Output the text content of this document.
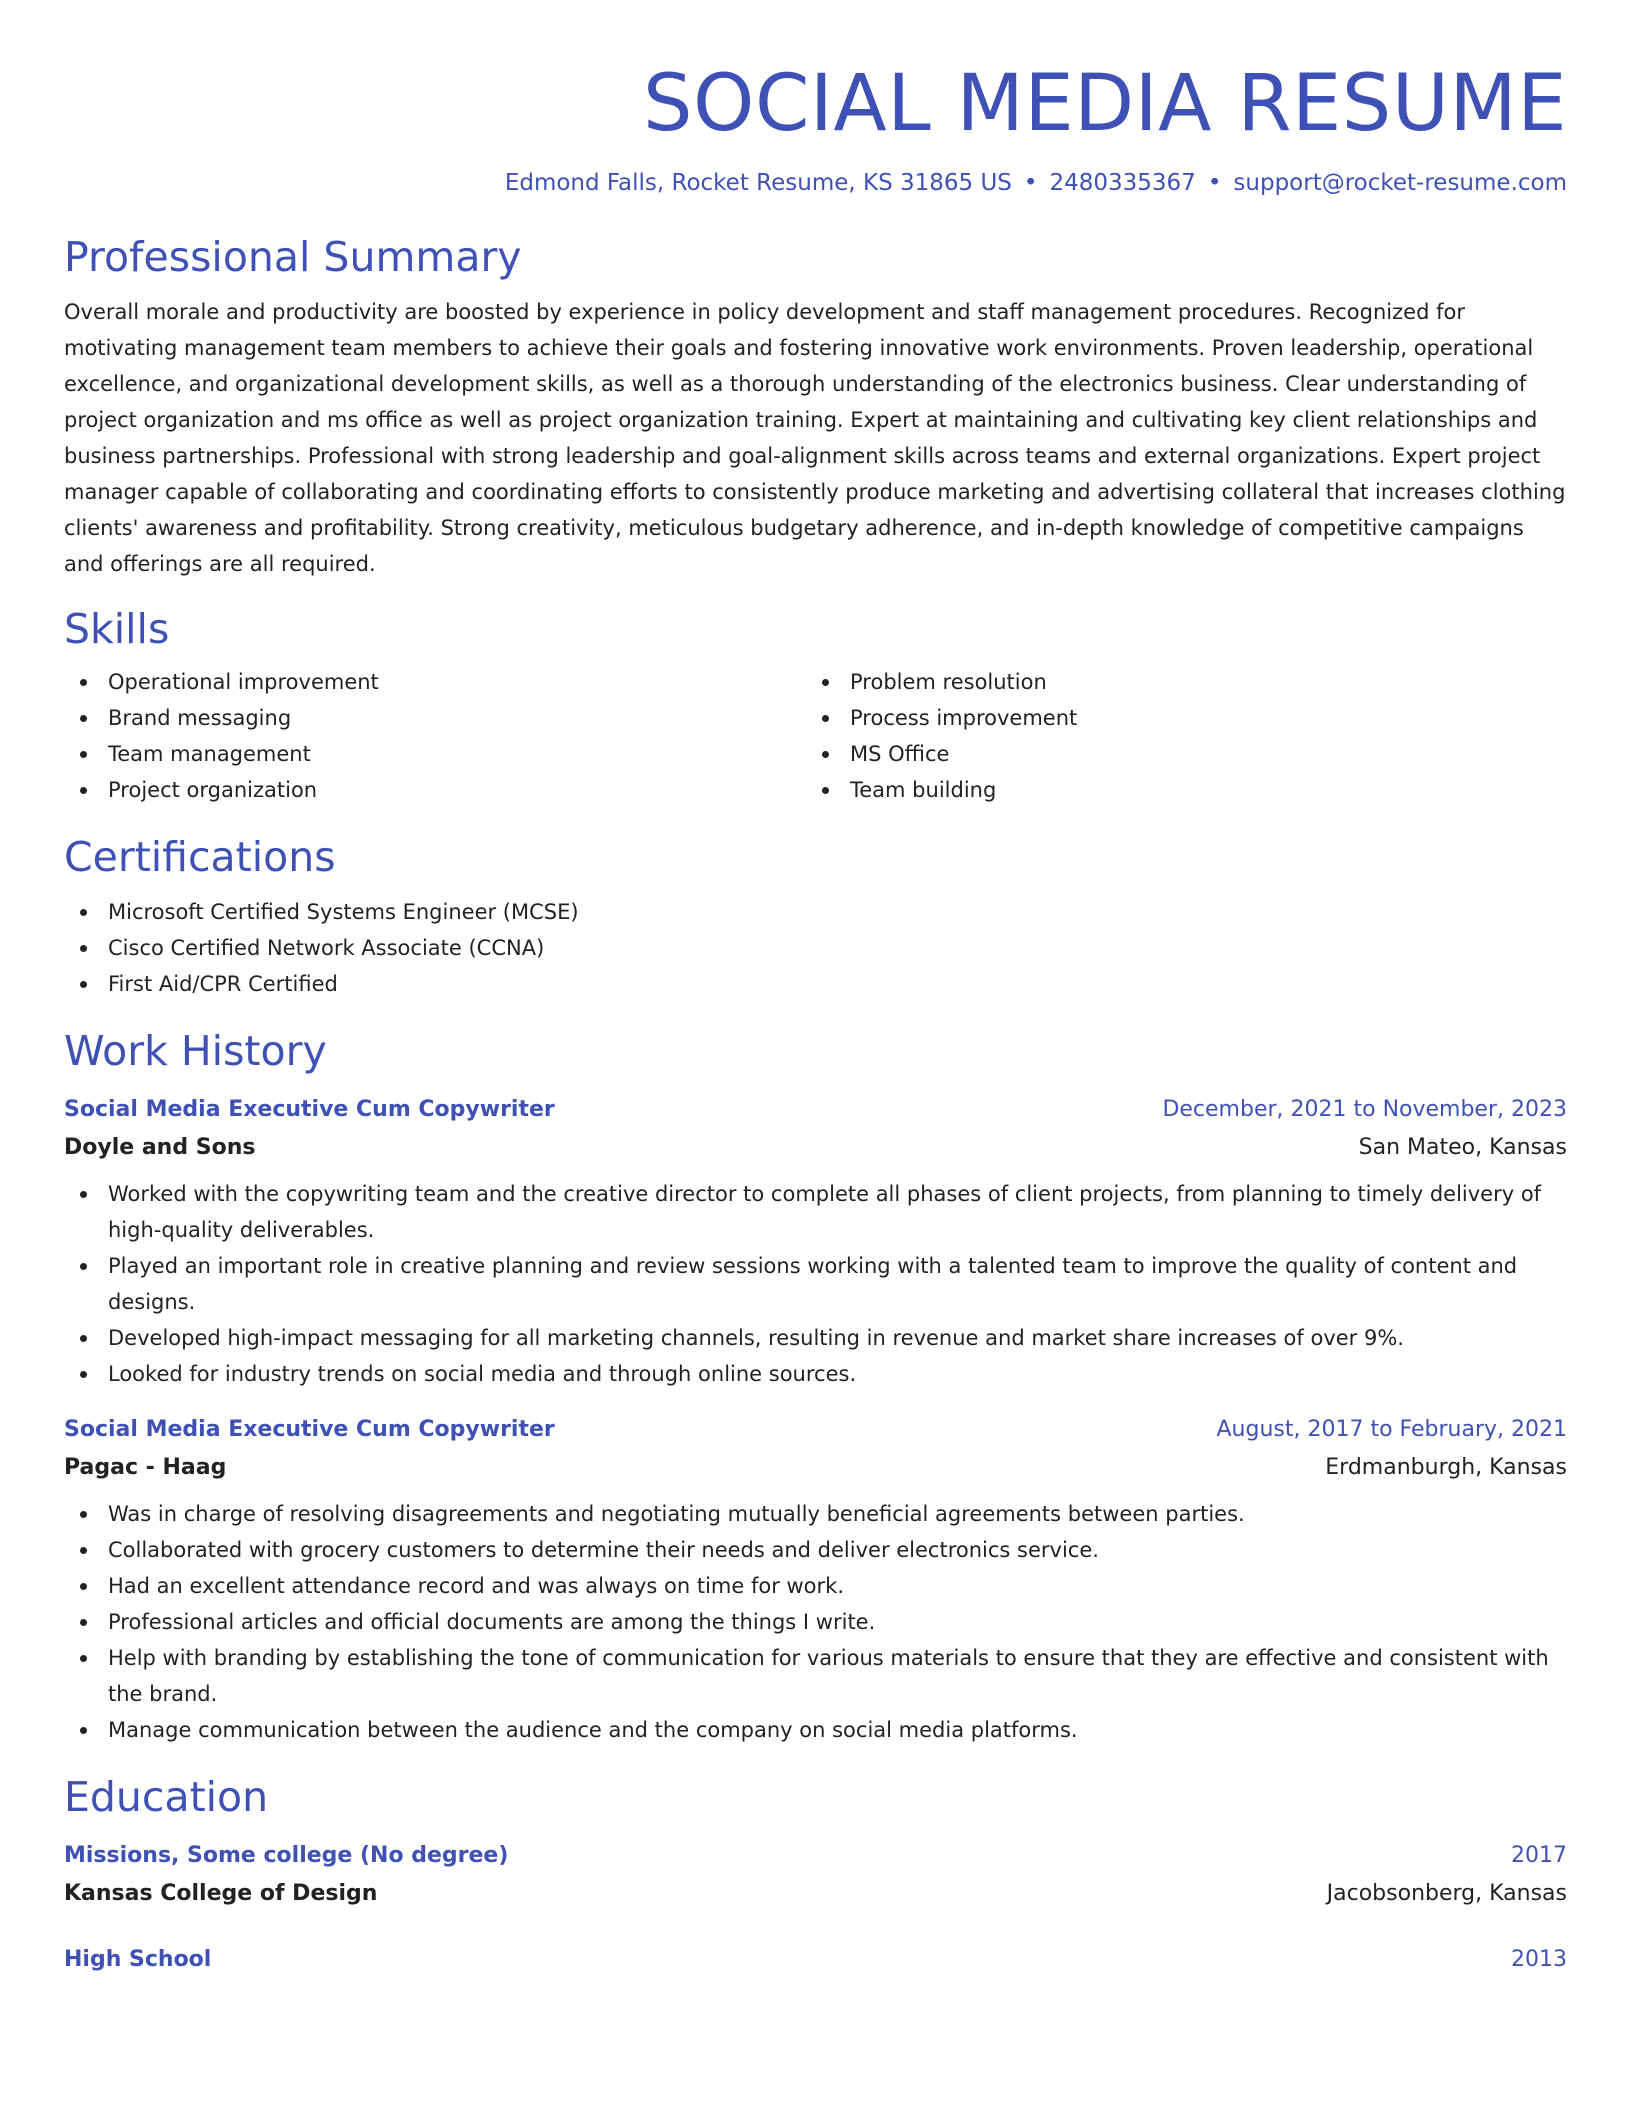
SOCIAL MEDIA RESUME
Edmond Falls, Rocket Resume, KS 31865 US • 2480335367 • support@rocket-resume.com
Professional Summary

Overall morale and productivity are boosted by experience in policy development and staff management procedures. Recognized for motivating management team members to achieve their goals and fostering innovative work environments. Proven leadership, operational excellence, and organizational development skills, as well as a thorough understanding of the electronics business. Clear understanding of project organization and ms office as well as project organization training. Expert at maintaining and cultivating key client relationships and business partnerships. Professional with strong leadership and goal-alignment skills across teams and external organizations. Expert project manager capable of collaborating and coordinating efforts to consistently produce marketing and advertising collateral that increases clothing clients' awareness and profitability. Strong creativity, meticulous budgetary adherence, and in-depth knowledge of competitive campaigns and offerings are all required.

Skills
Operational improvement
Brand messaging
Team management
Project organization
Problem resolution
Process improvement
MS Office
Team building
Certifications
Microsoft Certified Systems Engineer (MCSE)
Cisco Certified Network Associate (CCNA)
First Aid/CPR Certified
Work History
Social Media Executive Cum Copywriter	December, 2021 to November, 2023
Doyle and Sons	San Mateo, Kansas
Worked with the copywriting team and the creative director to complete all phases of client projects, from planning to timely delivery of high-quality deliverables.
Played an important role in creative planning and review sessions working with a talented team to improve the quality of content and designs.
Developed high-impact messaging for all marketing channels, resulting in revenue and market share increases of over 9%.
Looked for industry trends on social media and through online sources.
Social Media Executive Cum Copywriter	August, 2017 to February, 2021
Pagac - Haag	Erdmanburgh, Kansas
Was in charge of resolving disagreements and negotiating mutually beneficial agreements between parties.
Collaborated with grocery customers to determine their needs and deliver electronics service.
Had an excellent attendance record and was always on time for work.
Professional articles and official documents are among the things I write.
Help with branding by establishing the tone of communication for various materials to ensure that they are effective and consistent with the brand.
Manage communication between the audience and the company on social media platforms.
Education
Missions, Some college (No degree)	2017
Kansas College of Design	Jacobsonberg, Kansas
High School	2013
